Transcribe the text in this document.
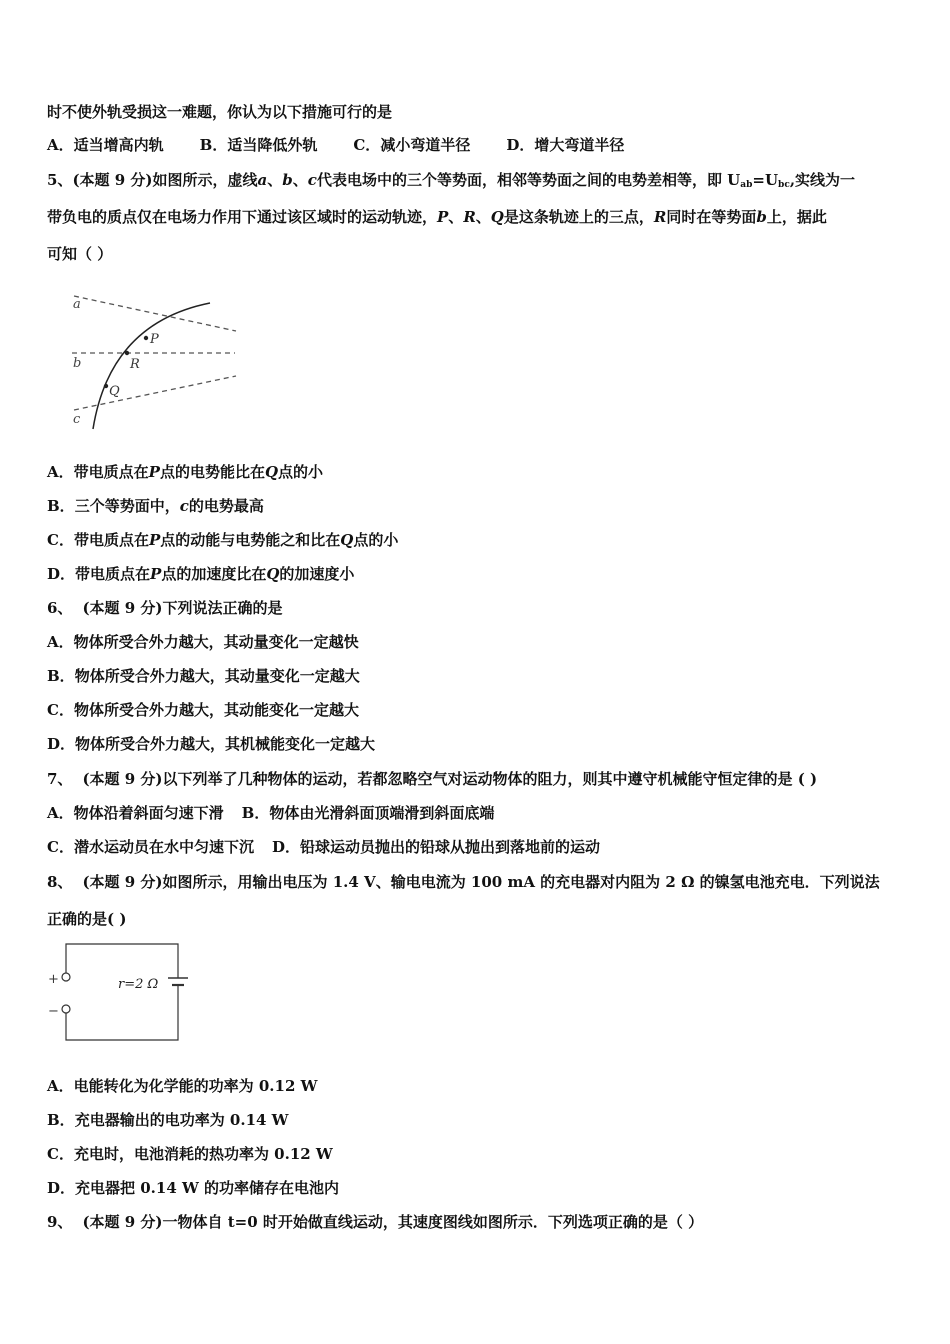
时不使外轨受损这一难题，你认为以下措施可行的是
A．适当增高内轨 B．适当降低外轨 C．减小弯道半径 D．增大弯道半径
5、(本题 9 分)如图所示，虚线a、b、c代表电场中的三个等势面，相邻等势面之间的电势差相等，即 $U_{ab}=U_{bc}$,实线为一
带负电的质点仅在电场力作用下通过该区域时的运动轨迹，P、R、Q是这条轨迹上的三点，R同时在等势面b上，据此
可知（ ）
a
b
c
P
R
Q
A．带电质点在P点的电势能比在Q点的小
B．三个等势面中，c的电势最高
C．带电质点在P点的动能与电势能之和比在Q点的小
D．带电质点在P点的加速度比在Q的加速度小
6、 (本题 9 分)下列说法正确的是
A．物体所受合外力越大，其动量变化一定越快
B．物体所受合外力越大，其动量变化一定越大
C．物体所受合外力越大，其动能变化一定越大
D．物体所受合外力越大，其机械能变化一定越大
7、 (本题 9 分)以下列举了几种物体的运动，若都忽略空气对运动物体的阻力，则其中遵守机械能守恒定律的是 ( )
A．物体沿着斜面匀速下滑 B．物体由光滑斜面顶端滑到斜面底端
C．潜水运动员在水中匀速下沉 D．铅球运动员抛出的铅球从抛出到落地前的运动
8、 (本题 9 分)如图所示，用输出电压为 1.4 V、输电电流为 100 mA 的充电器对内阻为 2 Ω 的镍氢电池充电．下列说法
正确的是( )
+
−
r=2 Ω
A．电能转化为化学能的功率为 0.12 W
B．充电器输出的电功率为 0.14 W
C．充电时，电池消耗的热功率为 0.12 W
D．充电器把 0.14 W 的功率储存在电池内
9、 (本题 9 分)一物体自 t=0 时开始做直线运动，其速度图线如图所示．下列选项正确的是（ ）
